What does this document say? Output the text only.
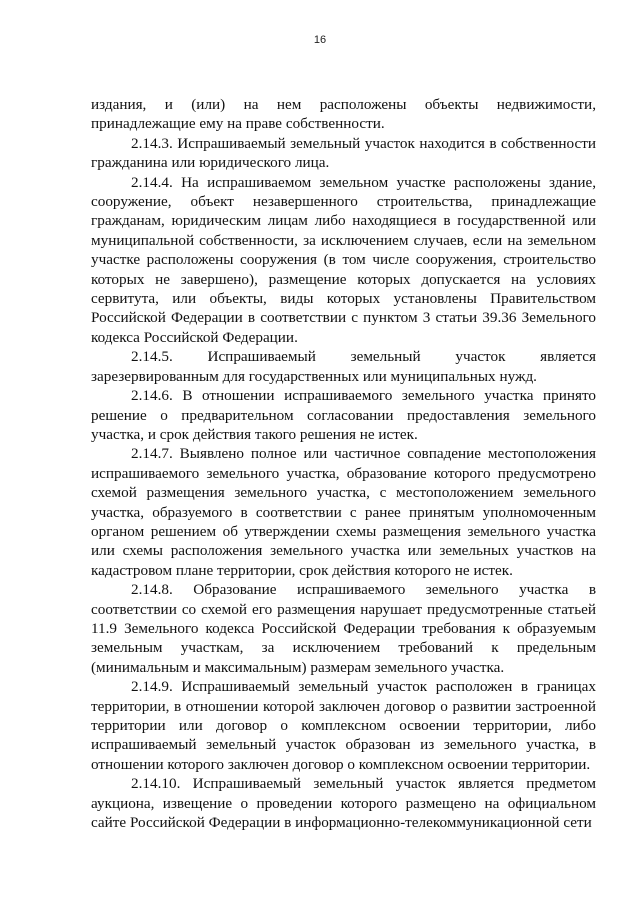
16

издания, и (или) на нем расположены объекты недвижимости, принадлежащие ему на праве собственности.

2.14.3. Испрашиваемый земельный участок находится в собственности гражданина или юридического лица.

2.14.4. На испрашиваемом земельном участке расположены здание, сооружение, объект незавершенного строительства, принадлежащие гражданам, юридическим лицам либо находящиеся в государственной или муниципальной собственности, за исключением случаев, если на земельном участке расположены сооружения (в том числе сооружения, строительство которых не завершено), размещение которых допускается на условиях сервитута, или объекты, виды которых установлены Правительством Российской Федерации в соответствии с пунктом 3 статьи 39.36 Земельного кодекса Российской Федерации.

2.14.5. Испрашиваемый земельный участок является зарезервированным для государственных или муниципальных нужд.

2.14.6. В отношении испрашиваемого земельного участка принято решение о предварительном согласовании предоставления земельного участка, и срок действия такого решения не истек.

2.14.7. Выявлено полное или частичное совпадение местоположения испрашиваемого земельного участка, образование которого предусмотрено схемой размещения земельного участка, с местоположением земельного участка, образуемого в соответствии с ранее принятым уполномоченным органом решением об утверждении схемы размещения земельного участка или схемы расположения земельного участка или земельных участков на кадастровом плане территории, срок действия которого не истек.

2.14.8. Образование испрашиваемого земельного участка в соответствии со схемой его размещения нарушает предусмотренные статьей 11.9 Земельного кодекса Российской Федерации требования к образуемым земельным участкам, за исключением требований к предельным (минимальным и максимальным) размерам земельного участка.

2.14.9. Испрашиваемый земельный участок расположен в границах территории, в отношении которой заключен договор о развитии застроенной территории или договор о комплексном освоении территории, либо испрашиваемый земельный участок образован из земельного участка, в отношении которого заключен договор о комплексном освоении территории.

2.14.10. Испрашиваемый земельный участок является предметом аукциона, извещение о проведении которого размещено на официальном сайте Российской Федерации в информационно-телекоммуникационной сети
